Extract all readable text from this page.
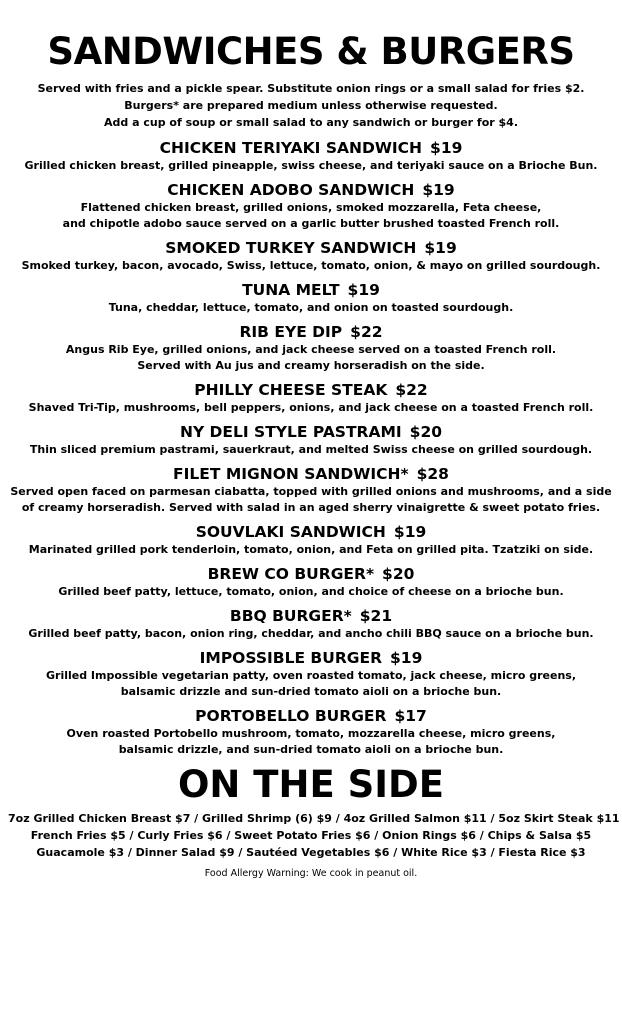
SANDWICHES & BURGERS
Served with fries and a pickle spear. Substitute onion rings or a small salad for fries $2.
Burgers* are prepared medium unless otherwise requested.
Add a cup of soup or small salad to any sandwich or burger for $4.
CHICKEN TERIYAKI SANDWICH $19
Grilled chicken breast, grilled pineapple, swiss cheese, and teriyaki sauce on a Brioche Bun.
CHICKEN ADOBO SANDWICH $19
Flattened chicken breast, grilled onions, smoked mozzarella, Feta cheese,
and chipotle adobo sauce served on a garlic butter brushed toasted French roll.
SMOKED TURKEY SANDWICH $19
Smoked turkey, bacon, avocado, Swiss, lettuce, tomato, onion, & mayo on grilled sourdough.
TUNA MELT $19
Tuna, cheddar, lettuce, tomato, and onion on toasted sourdough.
RIB EYE DIP $22
Angus Rib Eye, grilled onions, and jack cheese served on a toasted French roll.
Served with Au jus and creamy horseradish on the side.
PHILLY CHEESE STEAK $22
Shaved Tri-Tip, mushrooms, bell peppers, onions, and jack cheese on a toasted French roll.
NY DELI STYLE PASTRAMI $20
Thin sliced premium pastrami, sauerkraut, and melted Swiss cheese on grilled sourdough.
FILET MIGNON SANDWICH* $28
Served open faced on parmesan ciabatta, topped with grilled onions and mushrooms, and a side
of creamy horseradish. Served with salad in an aged sherry vinaigrette & sweet potato fries.
SOUVLAKI SANDWICH $19
Marinated grilled pork tenderloin, tomato, onion, and Feta on grilled pita. Tzatziki on side.
BREW CO BURGER* $20
Grilled beef patty, lettuce, tomato, onion, and choice of cheese on a brioche bun.
BBQ BURGER* $21
Grilled beef patty, bacon, onion ring, cheddar, and ancho chili BBQ sauce on a brioche bun.
IMPOSSIBLE BURGER $19
Grilled Impossible vegetarian patty, oven roasted tomato, jack cheese, micro greens,
balsamic drizzle and sun-dried tomato aioli on a brioche bun.
PORTOBELLO BURGER $17
Oven roasted Portobello mushroom, tomato, mozzarella cheese, micro greens,
balsamic drizzle, and sun-dried tomato aioli on a brioche bun.
ON THE SIDE
7oz Grilled Chicken Breast $7 / Grilled Shrimp (6) $9 / 4oz Grilled Salmon $11 / 5oz Skirt Steak $11
French Fries $5 / Curly Fries $6 / Sweet Potato Fries $6 / Onion Rings $6 / Chips & Salsa $5
Guacamole $3 / Dinner Salad $9 / Sautéed Vegetables $6 / White Rice $3 / Fiesta Rice $3
Food Allergy Warning: We cook in peanut oil.
